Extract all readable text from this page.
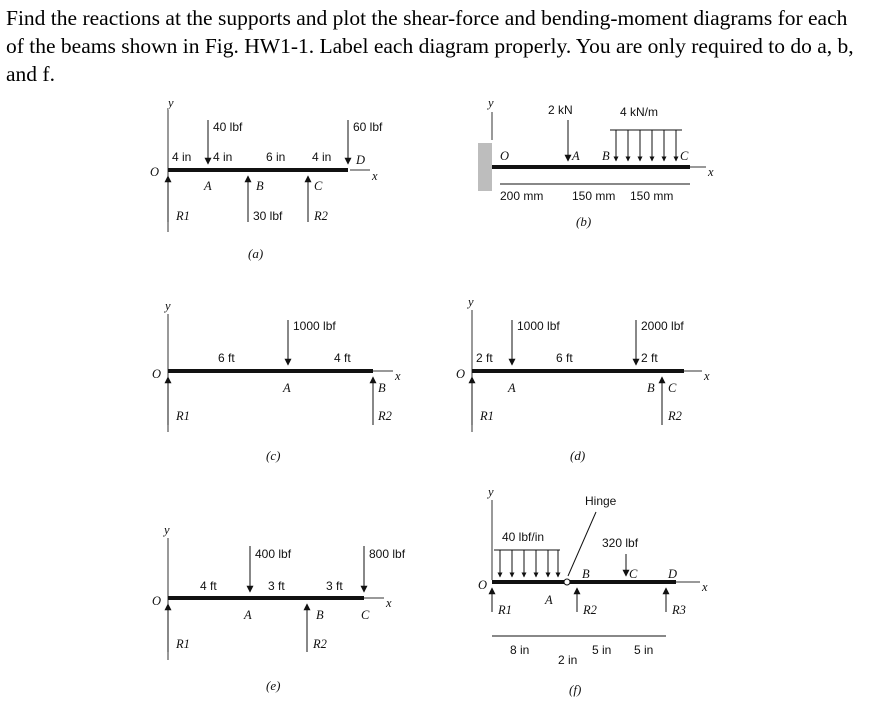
Find the reactions at the supports and plot the shear-force and bending-moment diagrams for each of the beams shown in Fig. HW1-1. Label each diagram properly. You are only required to do a, b, and f.
y
x
O
40 lbf	60 lbf
4 in 4 in	6 in 4 in
A	B	C
D
R1	30 lbf	R2
(a)
y
x
2 kN	4 kN/m
O	A B	C
200 mm 150 mm 150 mm
(b)
y
O	x
1000 lbf
6 ft	4 ft
A	B
R1	R2
(c)
y
O	x
1000 lbf	2000 lbf
2 ft	6 ft	2 ft
A	B C
R1	R2
(d)
y
O	x
400 lbf	800 lbf
4 ft	3 ft	3 ft
A	B	C
R1	R2
(e)
y
O	x
40 lbf/in
Hinge
320 lbf
A
B	C D
R1	R2	R3
8 in
2 in
5 in 5 in
(f)
